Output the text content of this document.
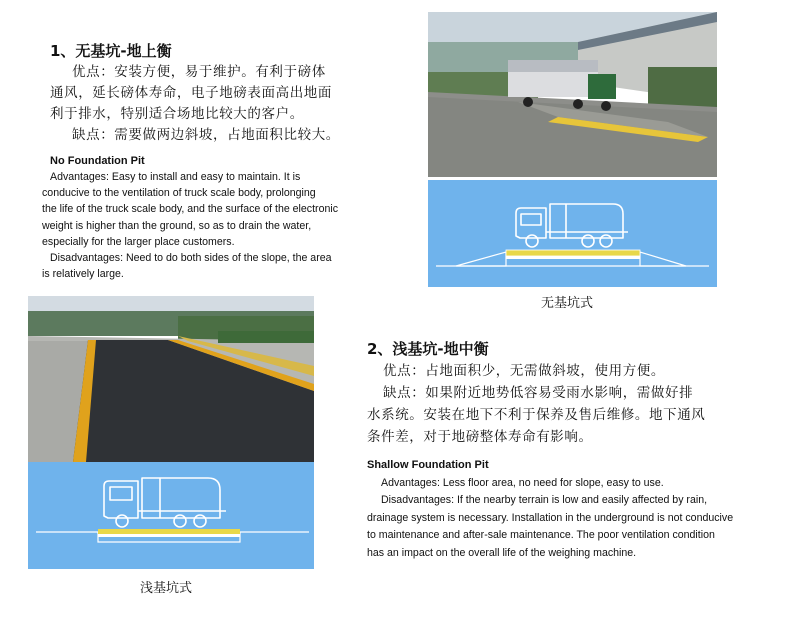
1、无基坑-地上衡
优点：安装方便，易于维护。有利于磅体
通风，延长磅体寿命，电子地磅表面高出地面
利于排水，特别适合场地比较大的客户。
缺点：需要做两边斜坡，占地面积比较大。
No Foundation Pit
Advantages: Easy to install and easy to maintain. It is
conducive to the ventilation of truck scale body, prolonging
the life of the truck scale body, and the surface of the electronic
weight is higher than the ground, so as to drain the water,
especially for the larger place customers.
Disadvantages: Need to do both sides of the slope, the area
is relatively large.
无基坑式
浅基坑式
2、浅基坑-地中衡
优点：占地面积少，无需做斜坡，使用方便。
缺点：如果附近地势低容易受雨水影响，需做好排
水系统。安装在地下不利于保养及售后维修。地下通风
条件差，对于地磅整体寿命有影响。
Shallow Foundation Pit
Advantages: Less floor area, no need for slope, easy to use.
Disadvantages: If the nearby terrain is low and easily affected by rain,
drainage system is necessary. Installation in the underground is not conducive
to maintenance and after-sale maintenance. The poor ventilation condition
has an impact on the overall life of the weighing machine.
